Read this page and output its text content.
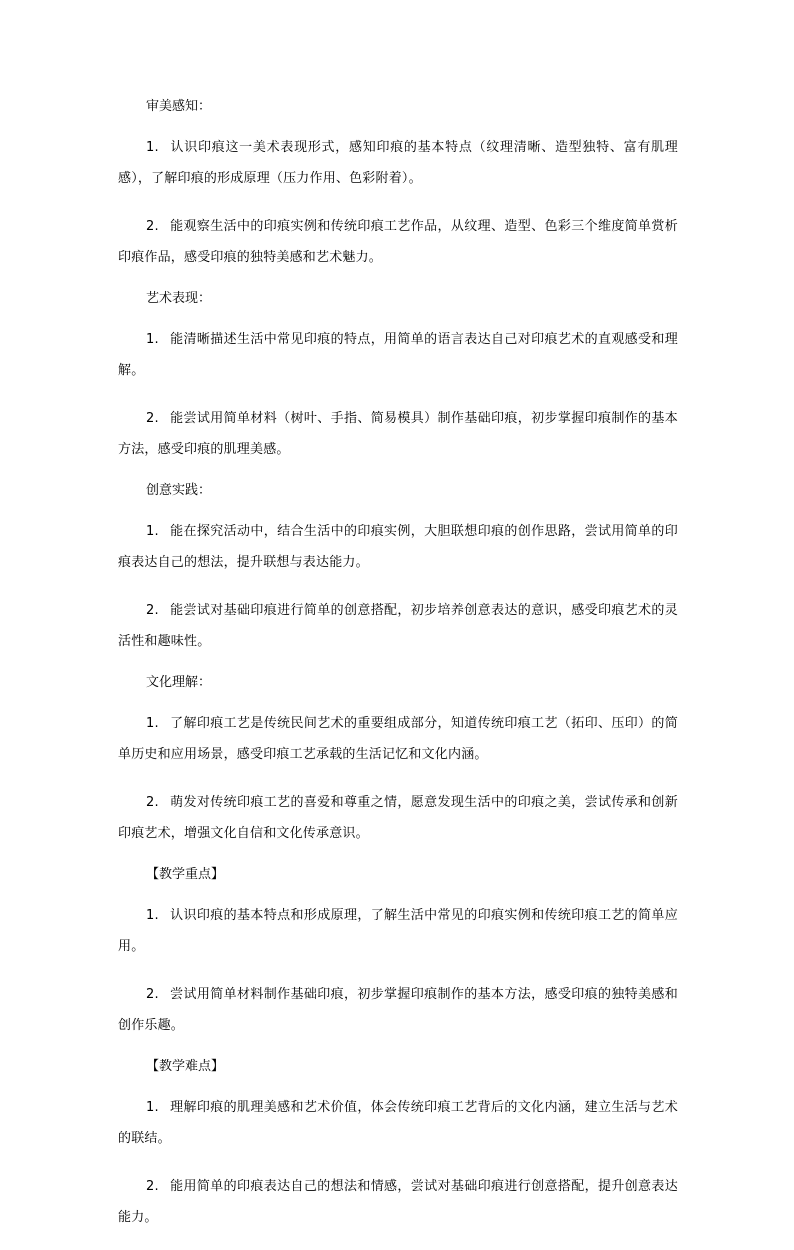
审美感知：

1. 认识印痕这一美术表现形式，感知印痕的基本特点（纹理清晰、造型独特、富有肌理感），了解印痕的形成原理（压力作用、色彩附着）。

2. 能观察生活中的印痕实例和传统印痕工艺作品，从纹理、造型、色彩三个维度简单赏析印痕作品，感受印痕的独特美感和艺术魅力。

艺术表现：

1. 能清晰描述生活中常见印痕的特点，用简单的语言表达自己对印痕艺术的直观感受和理解。

2. 能尝试用简单材料（树叶、手指、简易模具）制作基础印痕，初步掌握印痕制作的基本方法，感受印痕的肌理美感。

创意实践：

1. 能在探究活动中，结合生活中的印痕实例，大胆联想印痕的创作思路，尝试用简单的印痕表达自己的想法，提升联想与表达能力。

2. 能尝试对基础印痕进行简单的创意搭配，初步培养创意表达的意识，感受印痕艺术的灵活性和趣味性。

文化理解：

1. 了解印痕工艺是传统民间艺术的重要组成部分，知道传统印痕工艺（拓印、压印）的简单历史和应用场景，感受印痕工艺承载的生活记忆和文化内涵。

2. 萌发对传统印痕工艺的喜爱和尊重之情，愿意发现生活中的印痕之美，尝试传承和创新印痕艺术，增强文化自信和文化传承意识。

【教学重点】

1. 认识印痕的基本特点和形成原理，了解生活中常见的印痕实例和传统印痕工艺的简单应用。

2. 尝试用简单材料制作基础印痕，初步掌握印痕制作的基本方法，感受印痕的独特美感和创作乐趣。

【教学难点】

1. 理解印痕的肌理美感和艺术价值，体会传统印痕工艺背后的文化内涵，建立生活与艺术的联结。

2. 能用简单的印痕表达自己的想法和情感，尝试对基础印痕进行创意搭配，提升创意表达能力。
